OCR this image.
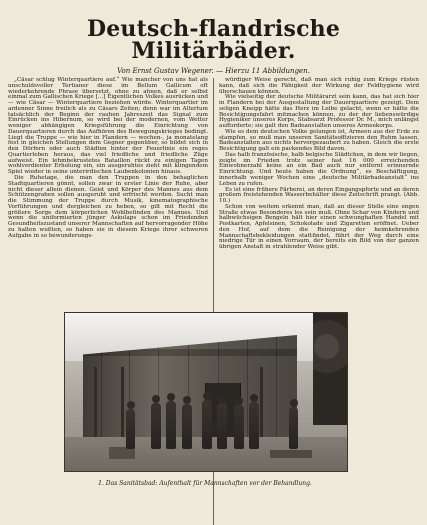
Deutsch-flandrische Militärbäder.
Von Ernst Gustav Wegener. — Hierzu 11 Abbildungen.

„Cäsar schlug Winterquartiere auf.“ Wie mancher von uns hat als unschuldsvoller Tertianer diese im Bellum Gallicum oft wiederkehrende Phrase übersetzt, ohne zu ahnen, daß er selbst einmal zum Gallischen Kriege [...] Eigentlichen Volkes ausrücken und — wie Cäsar — Winterquartiere beziehen würde. Winterquartier im ardenner Sinne freilich als zu Cäsars Zeiten; denn war im Altertum tatsächlich der Beginn der rauhen Jahreszeit das Signal zum Einrücken ins Hibernum, so wird bei der modernen, vom Wetter weniger abhängigen Kriegsführung die Einrichtung von Dauerquartieren durch das Aufhören des Bewegungskrieges bedingt. Liegt die Truppe — wie hier in Flandern — wochen-, ja monatelang fest in gleichen Stellungen dem Gegner gegenüber, so bildet sich in den Dörfern oder auch Städten hinter der Feuerlinie ein reges Quartierleben heraus, das viel friedliche und friedliche Züge aufweist. Ein lehmbekrustetes Bataillon rückt zu einigen Tagen wohlverdienter Erholung ein, ein ausgeruhtes zieht mit klingendem Spiel wieder in seine unterirdischen Laubenkolonien hinaus.

Die Ruhetage, die man den Truppen in den behaglichen Stadtquartieren gönnt, sollen zwar in erster Linie der Ruhe, aber nicht dieser allein dienen. Geist und Körper des Mannes aus dem Schützengraben sollen ausgeruht und erfrischt werden. Sucht man die Stimmung der Truppe durch Musik, kinematographische Vorführungen und dergleichen zu heben, so gilt mit Recht die größere Sorge dem körperlichen Wohlbefinden des Mannes. Und wenn die uniformierten jünger Askulaps schon im Friedenden Gesundheitszustand unserer Mannschaften auf hervorragender Höhe zu halten wußten, so haben sie in diesem Kriege ihrer schweren Aufgabe in so bewunderungs-

würdiger Weise gerecht, daß man sich ruhig zum Kriege rüsten kann, daß sich die Fähigkeit der Wirkung der Feldhygiene wird überschauen können.

Wie vielseitig der deutsche Militärarzt sein kann, das hat sich hier in Flandern bei der Ausgestaltung der Dauerquartiere gezeigt. Dem seligen Kneipp hätte das Herz im Leibe gelacht, wenn er hätte die Besichtigungsfahrt mitmachen können, zu der der liebenswürdige Hygieniker unseres Korps, Stabsarzt Professor Dr. M., mich unlängst aufforderte; sie galt den Badeanstalten unseres Armeekorps.

Wie es dem deutschen Volke gelungen ist, Armeen aus der Erde zu stampfen, so muß man unseren Sanitätsoffizieren den Ruhm lassen, Badeanstalten aus nichts hervorgezaubert zu haben. Gleich die erste Besichtigung galt ein packendes Bild davon.

Das halb französische, halb belgische Städtchen, in dem wir liegen, zeigte im Frieden trotz seiner fast 16 000 erreichenden Einwohnerzahl keine an ein Bad auch nur entfernt erinnernde Einrichtung. Und heute haben die Ordnung“, es Beschäftigung, innerhalb weniger Wochen eine „deutsche Militärbadeanstalt“ ins Leben zu rufen.

Es ist eine frühere Färberei, an deren Eingangspforte und an deren großem freistehenden Wasserbehälter diese Zeitschrift prangt. (Abb. 10.)

Schon von weitem erkennt man, daß an dieser Stelle eine engen Straße etwas Besonderes los sein muß. Ohne Schar von Kindern und halbwüchsigen Bengeln hält hier einen schwunghaften Handel mit Postkarten, Apfelsinen, Schokolade und Zigaretten eröffnet. Ueber den Hof, auf dem die Reinigung der heimkehrenden Mannschaftsbekleidungen stattfindet, führt der Weg durch eine niedrige Tür in einen Vorraum, der bereits ein Bild von der ganzen übrigen Anstalt in strahlender Weise gibt.

1. Das Sanitätsbad: Aufenthalt für Mannschaften vor der Behandlung.
